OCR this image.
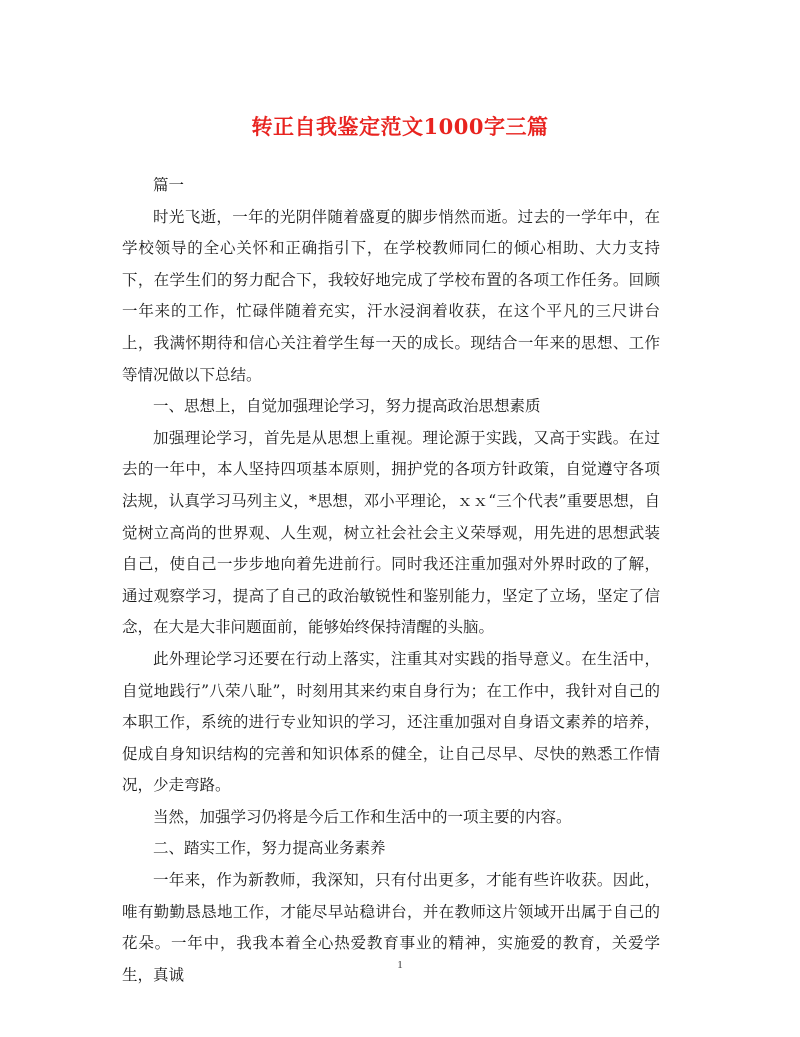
转正自我鉴定范文1000字三篇

篇一

时光飞逝，一年的光阴伴随着盛夏的脚步悄然而逝。过去的一学年中，在学校领导的全心关怀和正确指引下，在学校教师同仁的倾心相助、大力支持下，在学生们的努力配合下，我较好地完成了学校布置的各项工作任务。回顾一年来的工作，忙碌伴随着充实，汗水浸润着收获，在这个平凡的三尺讲台上，我满怀期待和信心关注着学生每一天的成长。现结合一年来的思想、工作等情况做以下总结。

一、思想上，自觉加强理论学习，努力提高政治思想素质

加强理论学习，首先是从思想上重视。理论源于实践，又高于实践。在过去的一年中，本人坚持四项基本原则，拥护党的各项方针政策，自觉遵守各项法规，认真学习马列主义，*思想，邓小平理论，ｘｘ“三个代表”重要思想，自觉树立高尚的世界观、人生观，树立社会社会主义荣辱观，用先进的思想武装自己，使自己一步步地向着先进前行。同时我还注重加强对外界时政的了解，通过观察学习，提高了自己的政治敏锐性和鉴别能力，坚定了立场，坚定了信念，在大是大非问题面前，能够始终保持清醒的头脑。

此外理论学习还要在行动上落实，注重其对实践的指导意义。在生活中，自觉地践行”八荣八耻”，时刻用其来约束自身行为；在工作中，我针对自己的本职工作，系统的进行专业知识的学习，还注重加强对自身语文素养的培养，促成自身知识结构的完善和知识体系的健全，让自己尽早、尽快的熟悉工作情况，少走弯路。

当然，加强学习仍将是今后工作和生活中的一项主要的内容。

二、踏实工作，努力提高业务素养

一年来，作为新教师，我深知，只有付出更多，才能有些许收获。因此，唯有勤勤恳恳地工作，才能尽早站稳讲台，并在教师这片领域开出属于自己的花朵。一年中，我我本着全心热爱教育事业的精神，实施爱的教育，关爱学生，真诚

1
